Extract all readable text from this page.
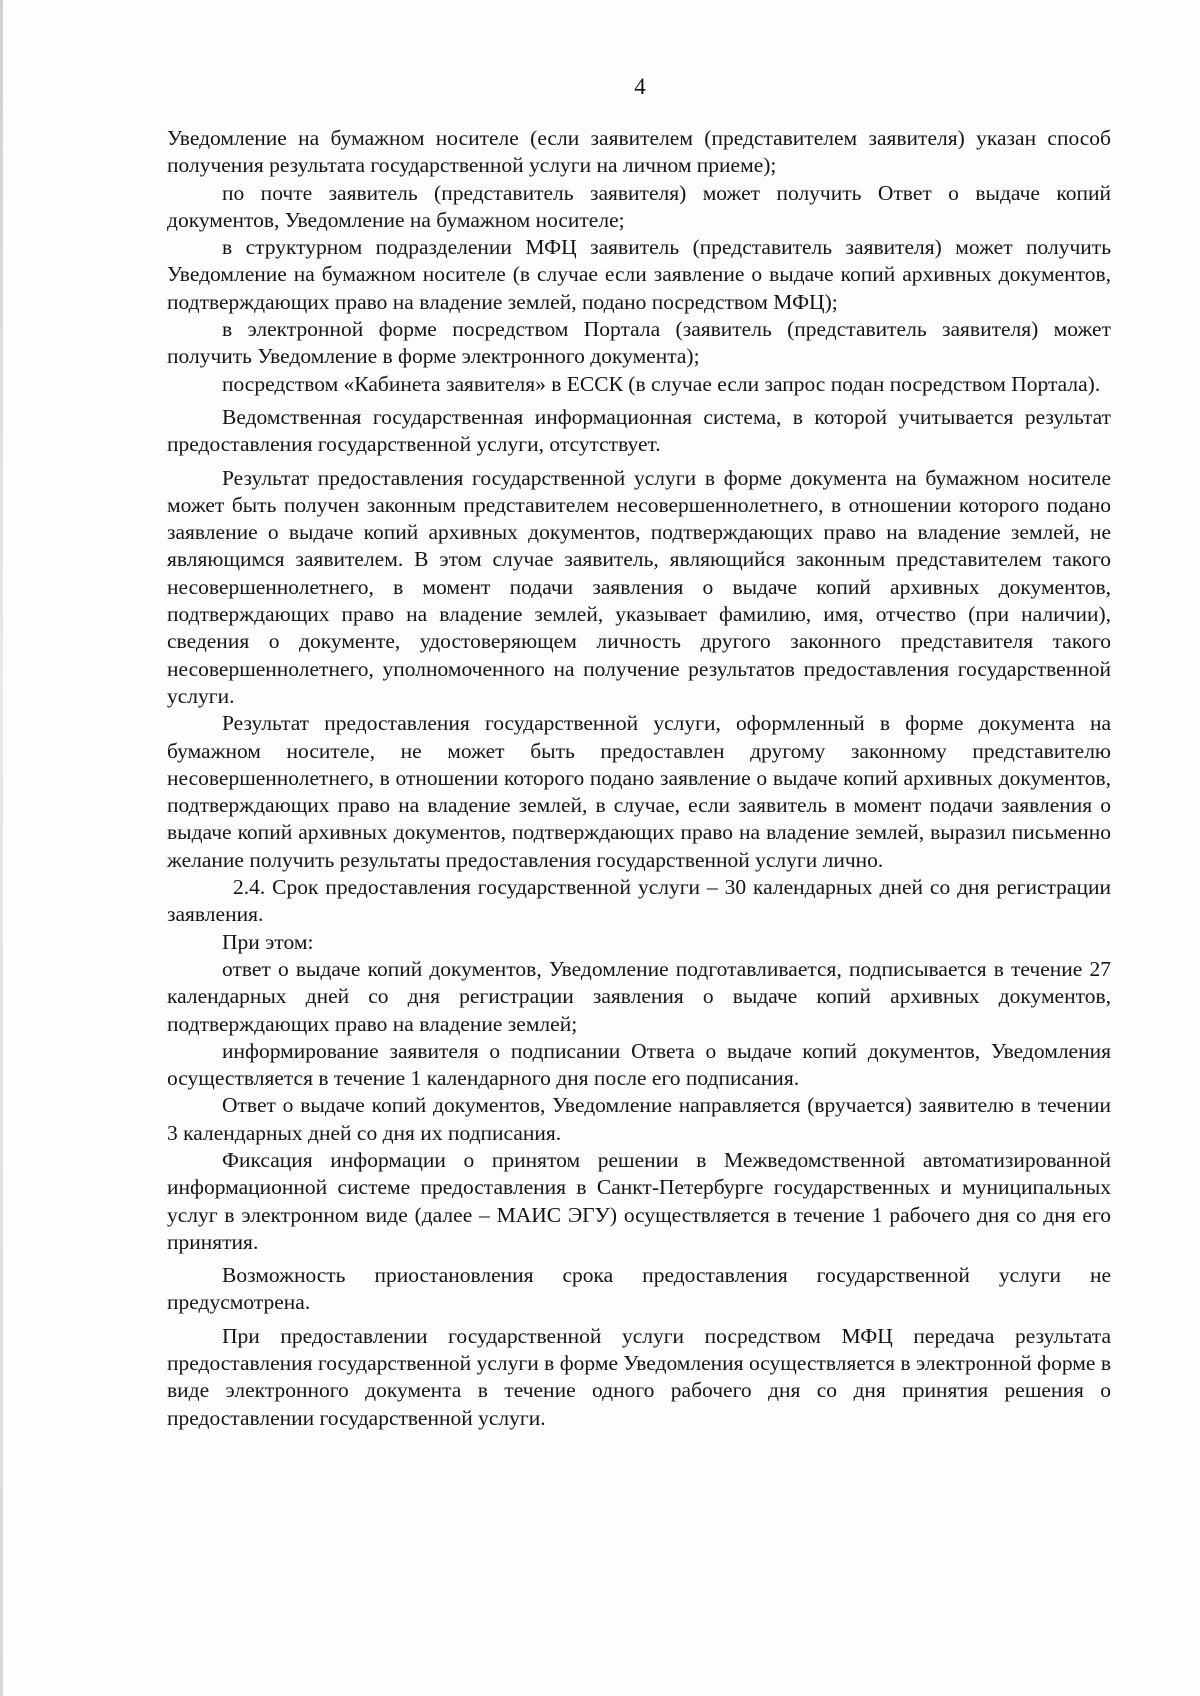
4

Уведомление на бумажном носителе (если заявителем (представителем заявителя) указан способ получения результата государственной услуги на личном приеме);

по почте заявитель (представитель заявителя) может получить Ответ о выдаче копий документов, Уведомление на бумажном носителе;

в структурном подразделении МФЦ заявитель (представитель заявителя) может получить Уведомление на бумажном носителе (в случае если заявление о выдаче копий архивных документов, подтверждающих право на владение землей, подано посредством МФЦ);

в электронной форме посредством Портала (заявитель (представитель заявителя) может получить Уведомление в форме электронного документа);

посредством «Кабинета заявителя» в ЕССК (в случае если запрос подан посредством Портала).

Ведомственная государственная информационная система, в которой учитывается результат предоставления государственной услуги, отсутствует.

Результат предоставления государственной услуги в форме документа на бумажном носителе может быть получен законным представителем несовершеннолетнего, в отношении которого подано заявление о выдаче копий архивных документов, подтверждающих право на владение землей, не являющимся заявителем. В этом случае заявитель, являющийся законным представителем такого несовершеннолетнего, в момент подачи заявления о выдаче копий архивных документов, подтверждающих право на владение землей, указывает фамилию, имя, отчество (при наличии), сведения о документе, удостоверяющем личность другого законного представителя такого несовершеннолетнего, уполномоченного на получение результатов предоставления государственной услуги.

Результат предоставления государственной услуги, оформленный в форме документа на бумажном носителе, не может быть предоставлен другому законному представителю несовершеннолетнего, в отношении которого подано заявление о выдаче копий архивных документов, подтверждающих право на владение землей, в случае, если заявитель в момент подачи заявления о выдаче копий архивных документов, подтверждающих право на владение землей, выразил письменно желание получить результаты предоставления государственной услуги лично.

2.4. Срок предоставления государственной услуги – 30 календарных дней со дня регистрации заявления.

При этом:

ответ о выдаче копий документов, Уведомление подготавливается, подписывается в течение 27 календарных дней со дня регистрации заявления о выдаче копий архивных документов, подтверждающих право на владение землей;

информирование заявителя о подписании Ответа о выдаче копий документов, Уведомления осуществляется в течение 1 календарного дня после его подписания.

Ответ о выдаче копий документов, Уведомление направляется (вручается) заявителю в течении 3 календарных дней со дня их подписания.

Фиксация информации о принятом решении в Межведомственной автоматизированной информационной системе предоставления в Санкт-Петербурге государственных и муниципальных услуг в электронном виде (далее – МАИС ЭГУ) осуществляется в течение 1 рабочего дня со дня его принятия.

Возможность приостановления срока предоставления государственной услуги не предусмотрена.

При предоставлении государственной услуги посредством МФЦ передача результата предоставления государственной услуги в форме Уведомления осуществляется в электронной форме в виде электронного документа в течение одного рабочего дня со дня принятия решения о предоставлении государственной услуги.
